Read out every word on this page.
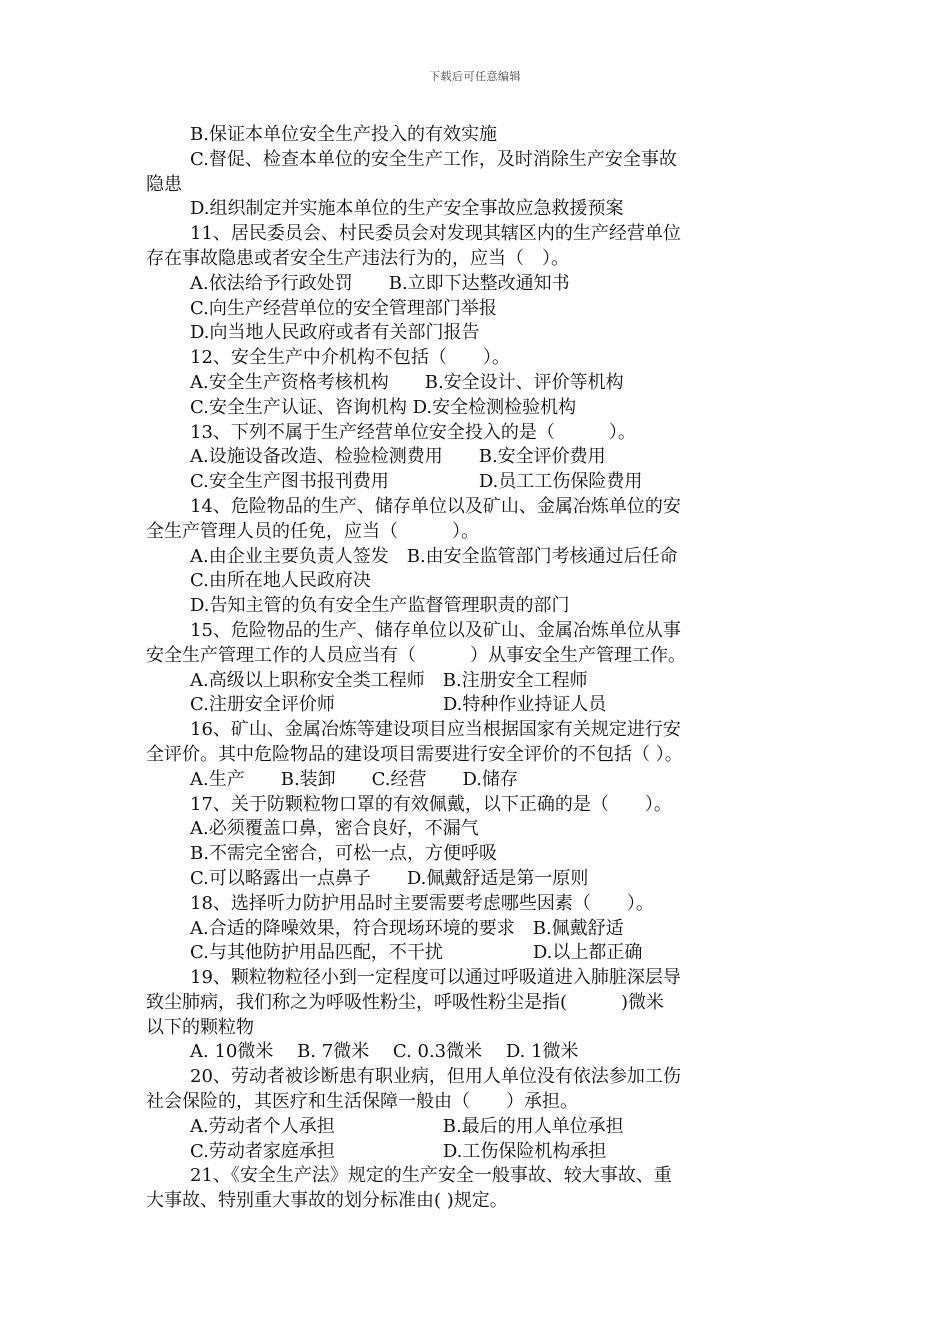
下载后可任意编辑
B.保证本单位安全生产投入的有效实施
C.督促、检查本单位的安全生产工作，及时消除生产安全事故
隐患
D.组织制定并实施本单位的生产安全事故应急救援预案
11、居民委员会、村民委员会对发现其辖区内的生产经营单位
存在事故隐患或者安全生产违法行为的，应当（　）。
A.依法给予行政处罚　　B.立即下达整改通知书
C.向生产经营单位的安全管理部门举报
D.向当地人民政府或者有关部门报告
12、安全生产中介机构不包括（　　）。
A.安全生产资格考核机构　　B.安全设计、评价等机构
C.安全生产认证、咨询机构 D.安全检测检验机构
13、下列不属于生产经营单位安全投入的是（　　　）。
A.设施设备改造、检验检测费用　　B.安全评价费用
C.安全生产图书报刊费用　　　　　D.员工工伤保险费用
14、危险物品的生产、储存单位以及矿山、金属冶炼单位的安
全生产管理人员的任免，应当（　　　）。
A.由企业主要负责人签发　B.由安全监管部门考核通过后任命
C.由所在地人民政府决
D.告知主管的负有安全生产监督管理职责的部门
15、危险物品的生产、储存单位以及矿山、金属冶炼单位从事
安全生产管理工作的人员应当有（　　　）从事安全生产管理工作。
A.高级以上职称安全类工程师　B.注册安全工程师
C.注册安全评价师　　　　　　D.特种作业持证人员
16、矿山、金属冶炼等建设项目应当根据国家有关规定进行安
全评价。其中危险物品的建设项目需要进行安全评价的不包括（ ）。
A.生产　　B.装卸　　C.经营　　D.储存
17、关于防颗粒物口罩的有效佩戴，以下正确的是（　　）。
A.必须覆盖口鼻，密合良好，不漏气
B.不需完全密合，可松一点，方便呼吸
C.可以略露出一点鼻子　　D.佩戴舒适是第一原则
18、选择听力防护用品时主要需要考虑哪些因素（　　）。
A.合适的降噪效果，符合现场环境的要求　B.佩戴舒适
C.与其他防护用品匹配，不干扰　　　　　D.以上都正确
19、颗粒物粒径小到一定程度可以通过呼吸道进入肺脏深层导
致尘肺病，我们称之为呼吸性粉尘，呼吸性粉尘是指(　　　)微米
以下的颗粒物
A. 10微米　 B. 7微米　 C. 0.3微米　 D. 1微米
20、劳动者被诊断患有职业病，但用人单位没有依法参加工伤
社会保险的，其医疗和生活保障一般由（　　）承担。
A.劳动者个人承担　　　　　　B.最后的用人单位承担
C.劳动者家庭承担　　　　　　D.工伤保险机构承担
21、《安全生产法》规定的生产安全一般事故、较大事故、重
大事故、特别重大事故的划分标准由( )规定。
